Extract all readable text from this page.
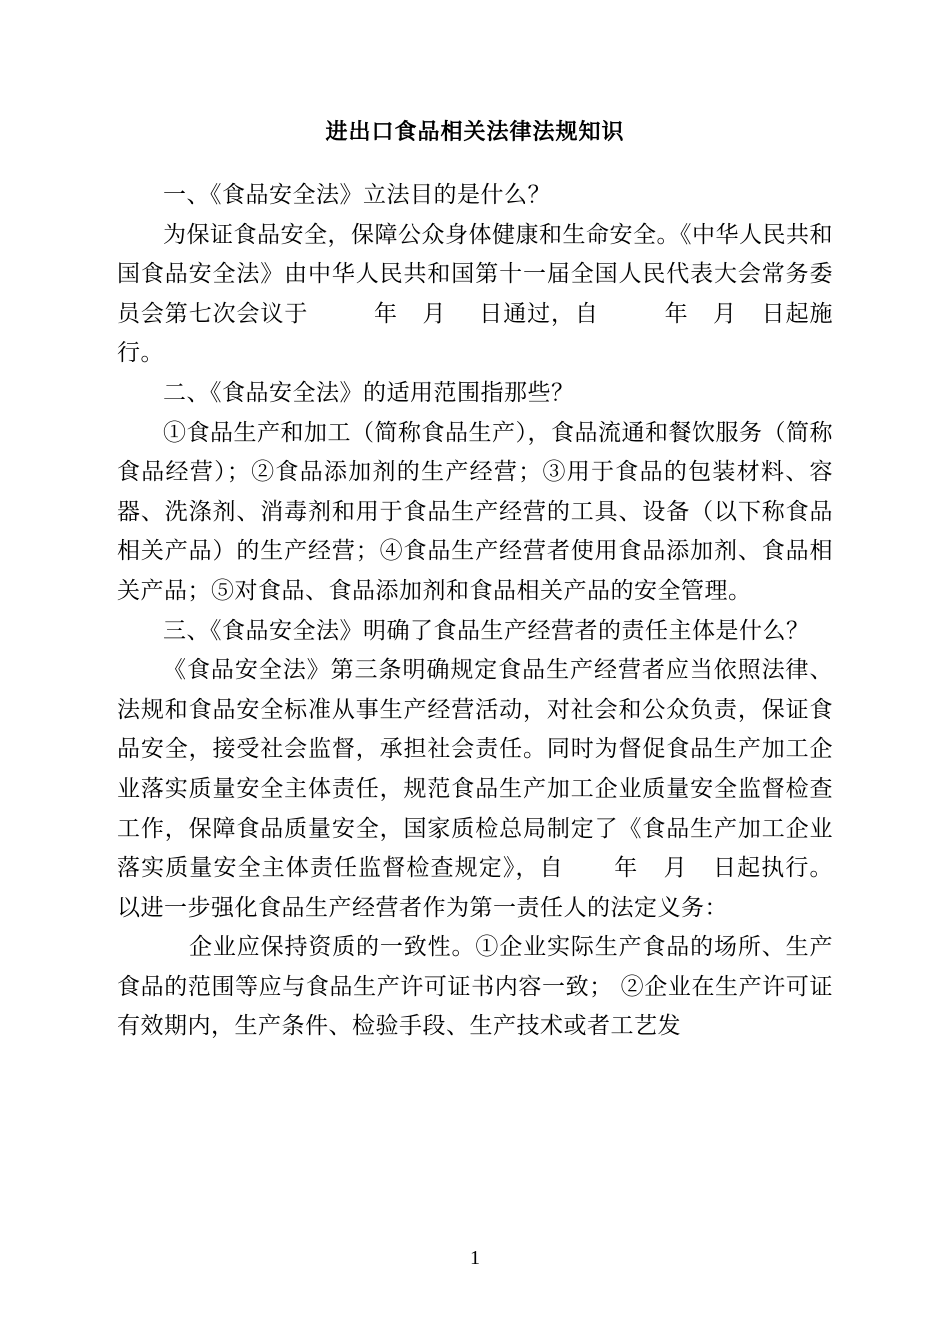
进出口食品相关法律法规知识

一、《食品安全法》立法目的是什么？

为保证食品安全，保障公众身体健康和生命安全。《中华人民共和国食品安全法》由中华人民共和国第十一届全国人民代表大会常务委员会第七次会议于        年   月    日通过，自        年   月   日起施行。

二、《食品安全法》的适用范围指那些？

①食品生产和加工（简称食品生产），食品流通和餐饮服务（简称食品经营）；②食品添加剂的生产经营；③用于食品的包装材料、容器、洗涤剂、消毒剂和用于食品生产经营的工具、设备（以下称食品相关产品）的生产经营；④食品生产经营者使用食品添加剂、食品相关产品；⑤对食品、食品添加剂和食品相关产品的安全管理。

三、《食品安全法》明确了食品生产经营者的责任主体是什么？

《食品安全法》第三条明确规定食品生产经营者应当依照法律、法规和食品安全标准从事生产经营活动，对社会和公众负责，保证食品安全，接受社会监督，承担社会责任。同时为督促食品生产加工企业落实质量安全主体责任，规范食品生产加工企业质量安全监督检查工作，保障食品质量安全，国家质检总局制定了《食品生产加工企业落实质量安全主体责任监督检查规定》，自      年   月   日起执行。以进一步强化食品生产经营者作为第一责任人的法定义务：

企业应保持资质的一致性。①企业实际生产食品的场所、生产食品的范围等应与食品生产许可证书内容一致； ②企业在生产许可证有效期内，生产条件、检验手段、生产技术或者工艺发

1
